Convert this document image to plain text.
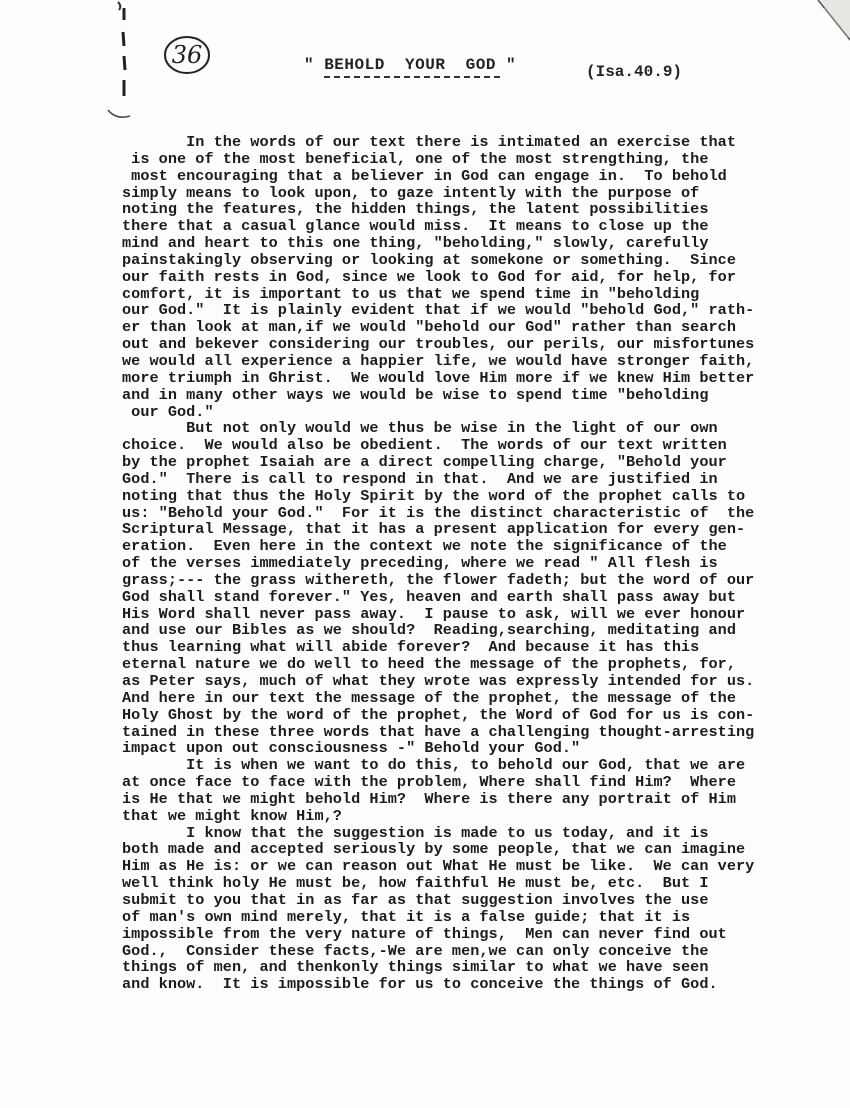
36	" BEHOLD  YOUR  GOD "	(Isa.40.9)
In the words of our text there is intimated an exercise that
is one of the most beneficial, one of the most strengthing, the
most encouraging that a believer in God can engage in.  To behold
simply means to look upon, to gaze intently with the purpose of
noting the features, the hidden things, the latent possibilities
there that a casual glance would miss.  It means to close up the
mind and heart to this one thing, "beholding," slowly, carefully
painstakingly observing or looking at somekone or something.  Since
our faith rests in God, since we look to God for aid, for help, for
comfort, it is important to us that we spend time in "beholding
our God."  It is plainly evident that if we would "behold God," rath-
er than look at man,if we would "behold our God" rather than search
out and bekever considering our troubles, our perils, our misfortunes
we would all experience a happier life, we would have stronger faith,
more triumph in Ghrist.  We would love Him more if we knew Him better
and in many other ways we would be wise to spend time "beholding
our God."
But not only would we thus be wise in the light of our own
choice.  We would also be obedient.  The words of our text written
by the prophet Isaiah are a direct compelling charge, "Behold your
God."  There is call to respond in that.  And we are justified in
noting that thus the Holy Spirit by the word of the prophet calls to
us: "Behold your God."  For it is the distinct characteristic of  the
Scriptural Message, that it has a present application for every gen-
eration.  Even here in the context we note the significance of the
of the verses immediately preceding, where we read " All flesh is
grass;--- the grass withereth, the flower fadeth; but the word of our
God shall stand forever." Yes, heaven and earth shall pass away but
His Word shall never pass away.  I pause to ask, will we ever honour
and use our Bibles as we should?  Reading,searching, meditating and
thus learning what will abide forever?  And because it has this
eternal nature we do well to heed the message of the prophets, for,
as Peter says, much of what they wrote was expressly intended for us.
And here in our text the message of the prophet, the message of the
Holy Ghost by the word of the prophet, the Word of God for us is con-
tained in these three words that have a challenging thought-arresting
impact upon out consciousness -" Behold your God."
It is when we want to do this, to behold our God, that we are
at once face to face with the problem, Where shall find Him?  Where
is He that we might behold Him?  Where is there any portrait of Him
that we might know Him,?
I know that the suggestion is made to us today, and it is
both made and accepted seriously by some people, that we can imagine
Him as He is: or we can reason out What He must be like.  We can very
well think holy He must be, how faithful He must be, etc.  But I
submit to you that in as far as that suggestion involves the use
of man's own mind merely, that it is a false guide; that it is
impossible from the very nature of things,  Men can never find out
God.,  Consider these facts,-We are men,we can only conceive the
things of men, and thenkonly things similar to what we have seen
and know.  It is impossible for us to conceive the things of God.
